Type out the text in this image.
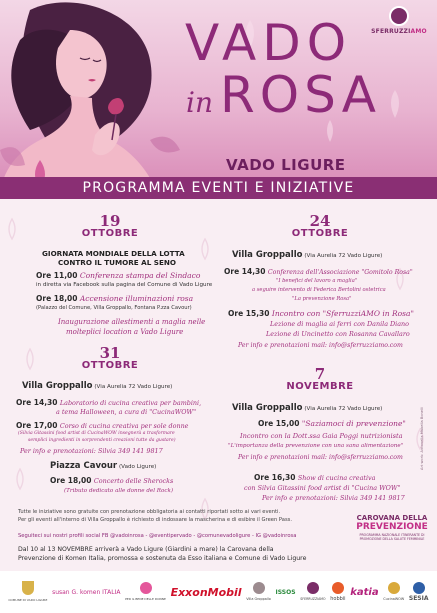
SFERRUZZIAMO
VADO
in ROSA
VADO LIGURE
PROGRAMMA EVENTI E INIZIATIVE
19
OTTOBRE
GIORNATA MONDIALE DELLA LOTTA
CONTRO IL TUMORE AL SENO
Ore 11,00 Conferenza stampa del Sindaco
in diretta via Facebook sulla pagina del Comune di Vado Ligure
Ore 18,00 Accensione illuminazioni rosa
(Palazzo del Comune, Villa Groppallo, Fontana P.zza Cavour)
Inaugurazione allestimenti a maglia nelle
molteplici location a Vado Ligure
24
OTTOBRE
Villa Groppallo (Via Aurelia 72 Vado Ligure)
Ore 14,30 Conferenza dell'Associazione "Gomitolo Rosa"
"I benefici del lavoro a maglia"
a seguire intervento di Federica Bertolini ostetrica
"La prevenzione Rosa"
Ore 15,30 Incontro con "SferruzziAMO in Rosa"
Lezione di maglia ai ferri con Danila Diano
Lezione di Uncinetto con Rosanna Cavallaro
Per info e prenotazioni mail: info@sferruzziamo.com
31
OTTOBRE
Villa Groppallo (Via Aurelia 72 Vado Ligure)
Ore 14,30 Laboratorio di cucina creativa per bambini,
a tema Halloween, a cura di "CucinaWOW"
Ore 17,00 Corso di cucina creativa per sole donne
(Silvia Gitassini food artist di CucinaWOW insegnerà a trasformare
semplici ingredienti in sorprendenti creazioni tutte da gustare)
Per info e prenotazioni: Silvia 349 141 9817
Piazza Cavour (Vado Ligure)
Ore 18,00 Concerto delle Sherocks
(Tributo dedicato alle donne del Rock)
7
NOVEMBRE
Villa Groppallo (Via Aurelia 72 Vado Ligure)
Ore 15,00 "Saziamoci di prevenzione"
Incontro con la Dott.ssa Gaia Poggi nutrizionista
"L'importanza della prevenzione con una sana alimentazione"
Per info e prenotazioni mail: info@sferruzziamo.com
Ore 16,30 Show di cucina creativa
con Silvia Gitassini food artist di "Cucina WOW"
Per info e prenotazioni: Silvia 349 141 9817
Art work: Antonella Mabella Bonelli
Tutte le iniziative sono gratuite con prenotazione obbligatoria ai contatti riportati sotto ai vari eventi.
Per gli eventi all'interno di Villa Groppallo è richiesto di indossare la mascherina e di esibire il Green Pass.
Seguiteci sui nostri profili social FB @vadoinrosa - @eventipervado - @comunevadoligure - IG @vadoinrosa
Dal 10 al 13 NOVEMBRE arriverà a Vado Ligure (Giardini a mare) la Carovana della
Prevenzione di Komen Italia, promossa e sostenuta da Esso italiana e Comune di Vado Ligure
CAROVANA DELLA
PREVENZIONE
PROGRAMMA NAZIONALE ITINERANTE DI PROMOZIONE DELLA SALUTE FEMMINILE
COMUNE DI VADO LIGURE
susan G. komen ITALIA
PER IL BENE DELLE DONNE
ExxonMobil
Villa Groppallo
ISSOS
SFERRUZZIAMO hobbii
katia
CucinaWOW SESIA
